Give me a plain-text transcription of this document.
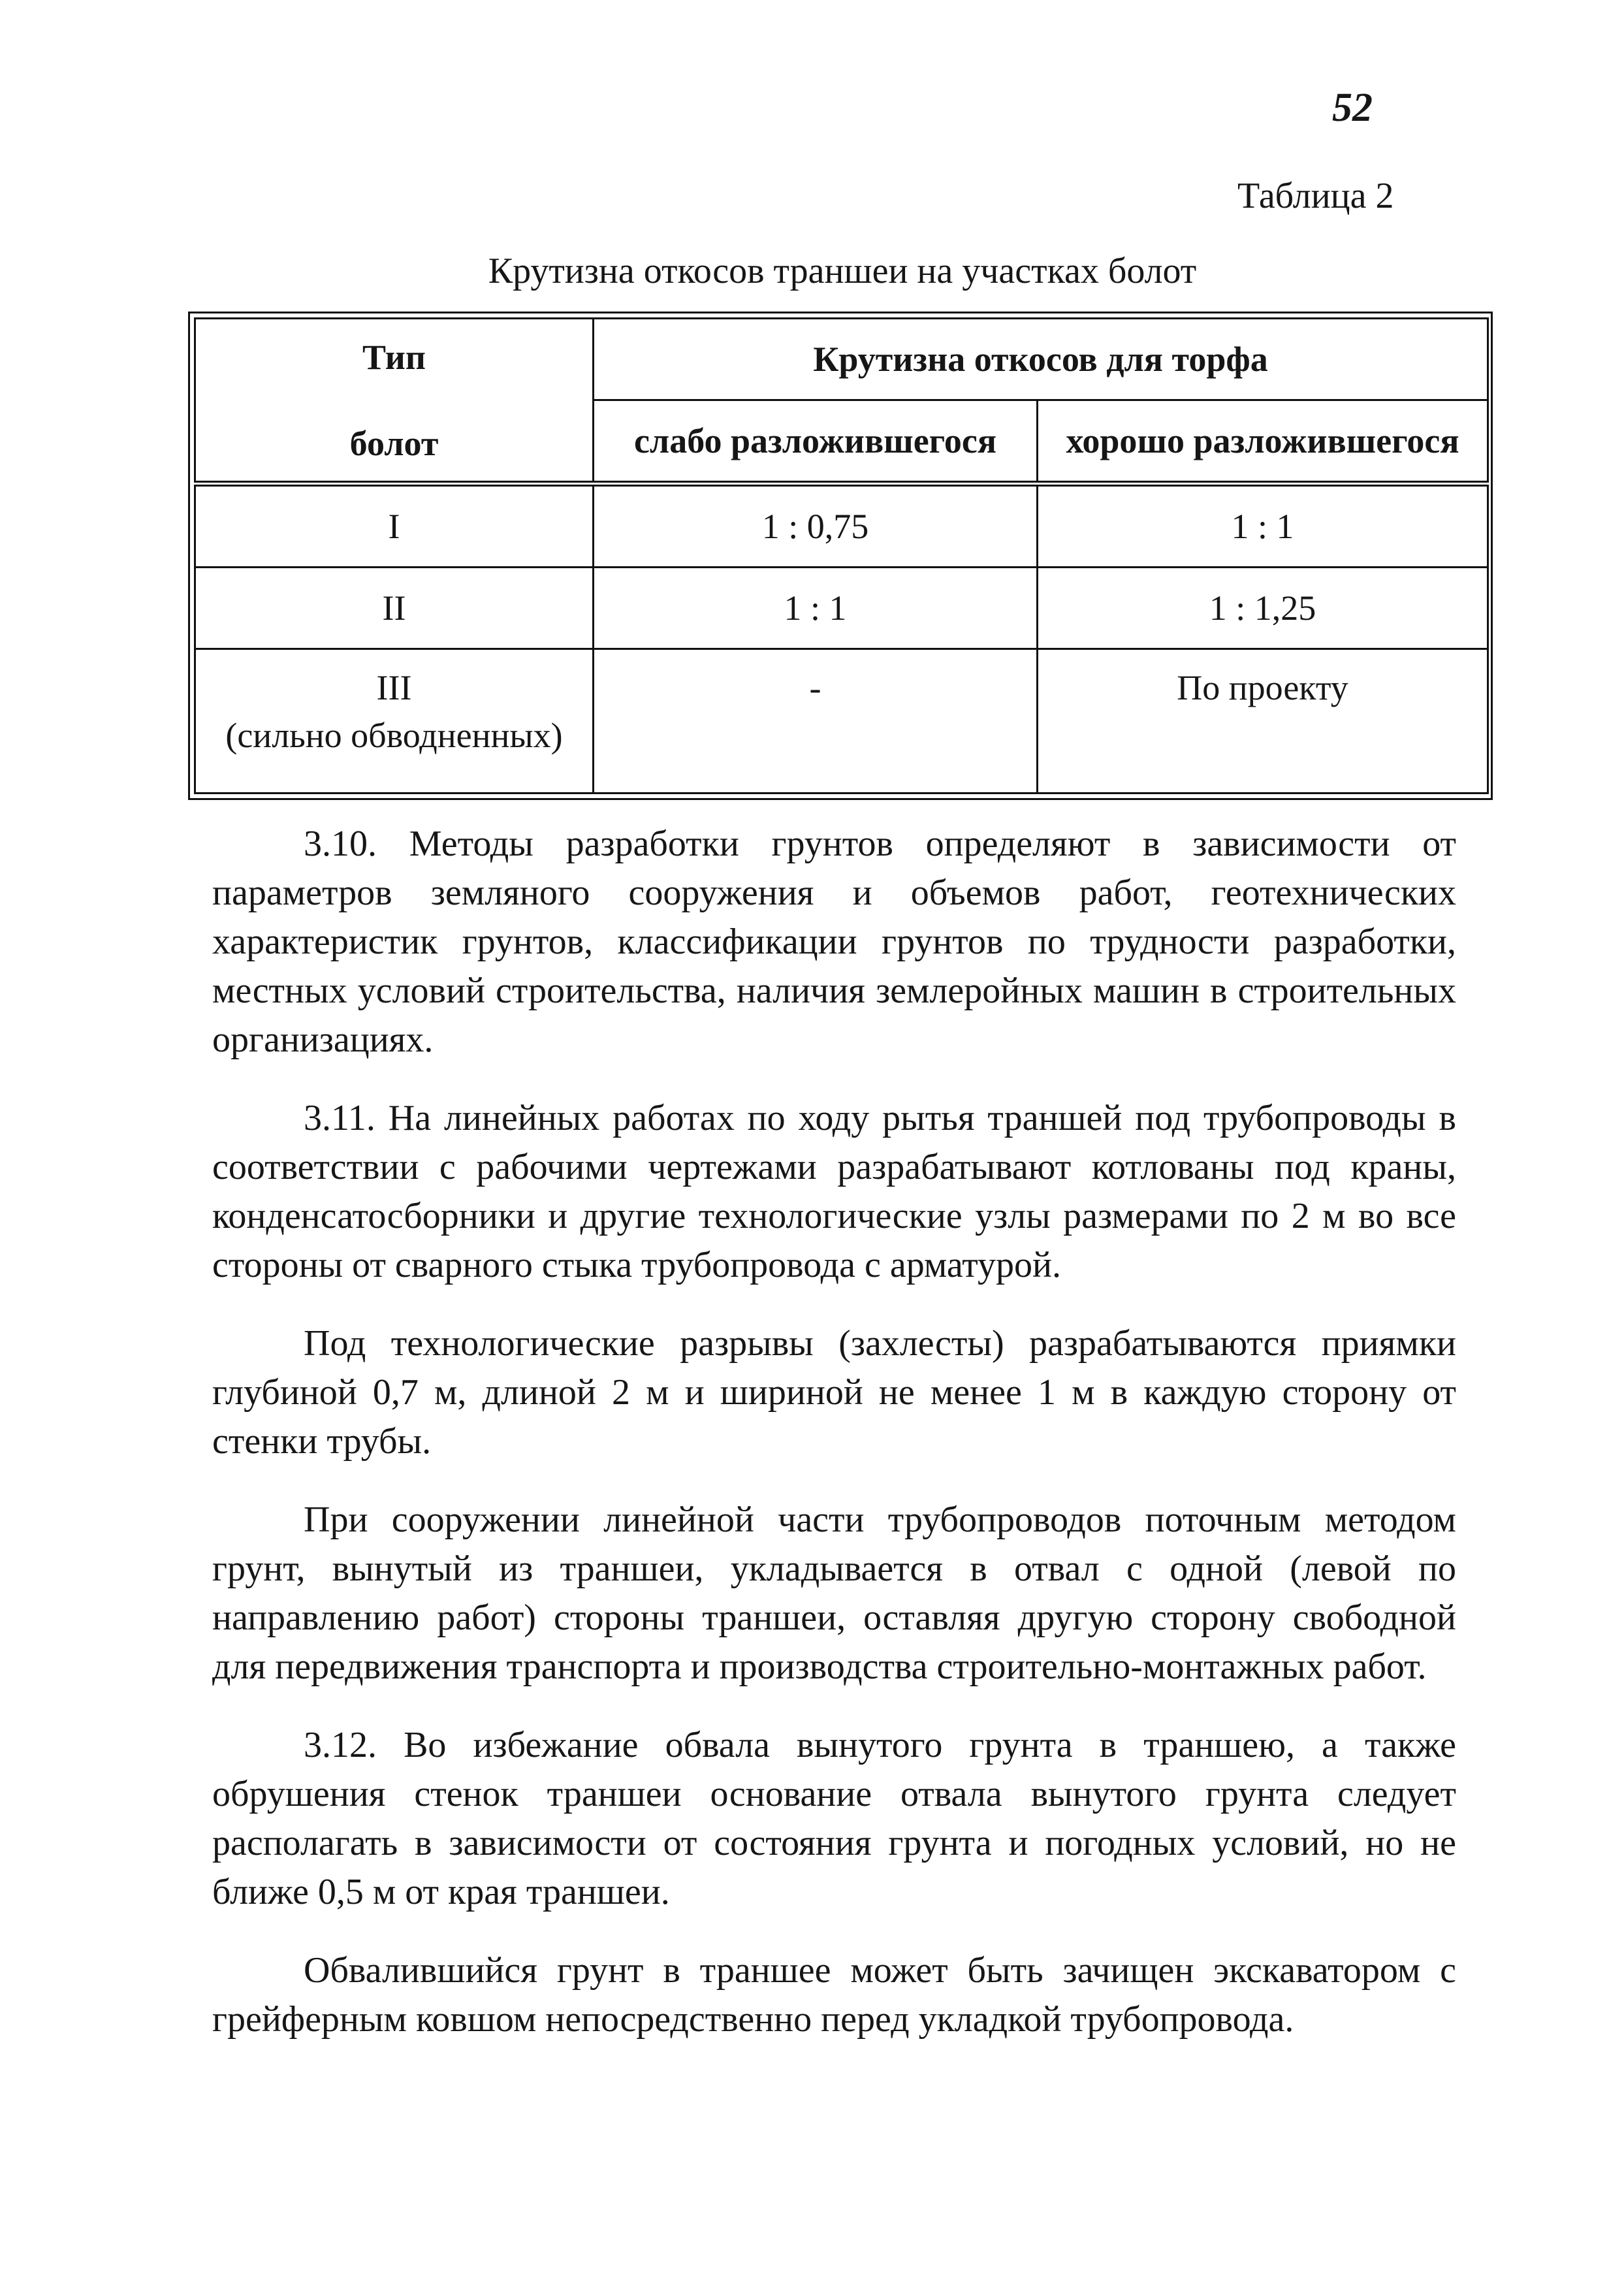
52
Таблица 2
Крутизна откосов траншеи на участках болот
Тип
болот	Крутизна откосов для торфа	
	слабо разложившегося	хорошо разложившегося
I	1 : 0,75	1 : 1
II	1 : 1	1 : 1,25

III
(сильно обводненных)	-	По проекту

3.10. Методы разработки грунтов определяют в зависимости от параметров земляного сооружения и объемов работ, геотехнических характеристик грунтов, классификации грунтов по трудности разработки, местных условий строительства, наличия землеройных машин в строительных организациях.

3.11. На линейных работах по ходу рытья траншей под трубопроводы в соответствии с рабочими чертежами разрабатывают котлованы под краны, конденсатосборники и другие технологические узлы размерами по 2 м во все стороны от сварного стыка трубопровода с арматурой.

Под технологические разрывы (захлесты) разрабатываются приямки глубиной 0,7 м, длиной 2 м и шириной не менее 1 м в каждую сторону от стенки трубы.

При сооружении линейной части трубопроводов поточным методом грунт, вынутый из траншеи, укладывается в отвал с одной (левой по направлению работ) стороны траншеи, оставляя другую сторону свободной для передвижения транспорта и производства строительно-монтажных работ.

3.12. Во избежание обвала вынутого грунта в траншею, а также обрушения стенок траншеи основание отвала вынутого грунта следует располагать в зависимости от состояния грунта и погодных условий, но не ближе 0,5 м от края траншеи.

Обвалившийся грунт в траншее может быть зачищен экскаватором с грейферным ковшом непосредственно перед укладкой трубопровода.
